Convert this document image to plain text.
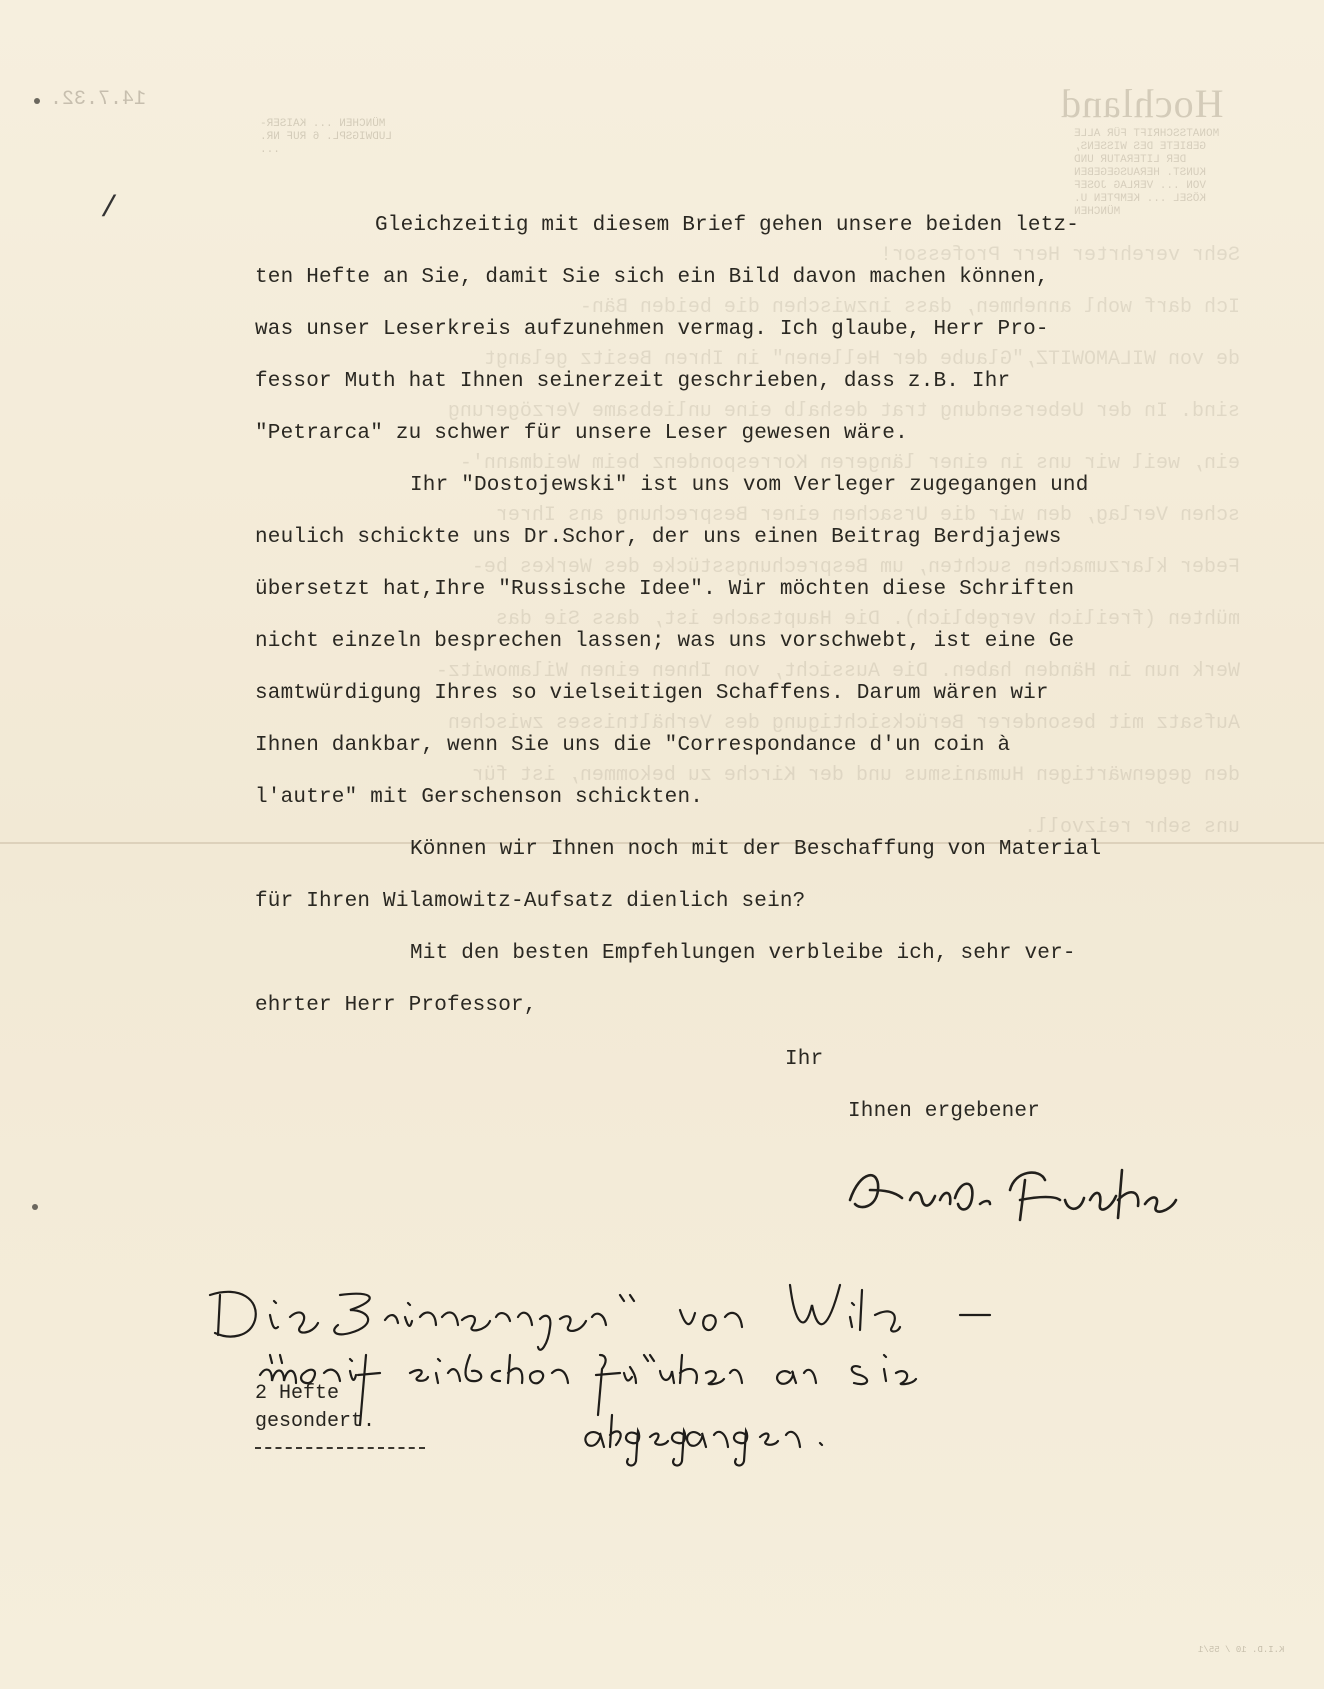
Sehr verehrter Herr Professor!
Ich darf wohl annehmen, dass inzwischen die beiden Bän-
de von WILAMOWITZ,"Glaube der Hellenen" in Ihren Besitz gelangt
sind. In der Uebersendung trat deshalb eine unliebsame Verzögerung
ein, weil wir uns in einer längeren Korrespondenz beim Weidmann'-
schen Verlag, den wir die Ursachen einer Besprechung ans Ihrer
Feder klarzumachen suchten, um Besprechungsstücke des Werkes be-
mühten (freilich vergeblich). Die Hauptsache ist, dass Sie das
Werk nun in Händen haben. Die Aussicht, von Ihnen einen Wilamowitz-
Aufsatz mit besonderer Berücksichtigung des Verhältnisses zwischen
den gegenwärtigen Humanismus und der Kirche zu bekommen, ist für
uns sehr reizvoll.
Hochland
MONATSSCHRIFT FÜR ALLE GEBIETE DES WISSENS, DER LITERATUR UND KUNST. HERAUSGEGEBEN VON ... VERLAG JOSEF KÖSEL ... KEMPTEN U. MÜNCHEN
MÜNCHEN ... KAISER-LUDWIGSPL. 6 RUF NR. ...
14.7.32.
/	Gleichzeitig mit diesem Brief gehen unsere beiden letz-
ten Hefte an Sie, damit Sie sich ein Bild davon machen können,
was unser Leserkreis aufzunehmen vermag. Ich glaube, Herr Pro-
fessor Muth hat Ihnen seinerzeit geschrieben, dass z.B. Ihr
"Petrarca" zu schwer für unsere Leser gewesen wäre.
Ihr "Dostojewski" ist uns vom Verleger zugegangen und
neulich schickte uns Dr.Schor, der uns einen Beitrag Berdjajews
übersetzt hat,Ihre "Russische Idee". Wir möchten diese Schriften
nicht einzeln besprechen lassen; was uns vorschwebt, ist eine Ge
samtwürdigung Ihres so vielseitigen Schaffens. Darum wären wir
Ihnen dankbar, wenn Sie uns die "Correspondance d'un coin à
l'autre" mit Gerschenson schickten.
Können wir Ihnen noch mit der Beschaffung von Material
für Ihren Wilamowitz-Aufsatz dienlich sein?
Mit den besten Empfehlungen verbleibe ich, sehr ver-
ehrter Herr Professor,
Ihr
Ihnen ergebener
2 Hefte
gesondert.
K.I.D. 10 / 55/1
